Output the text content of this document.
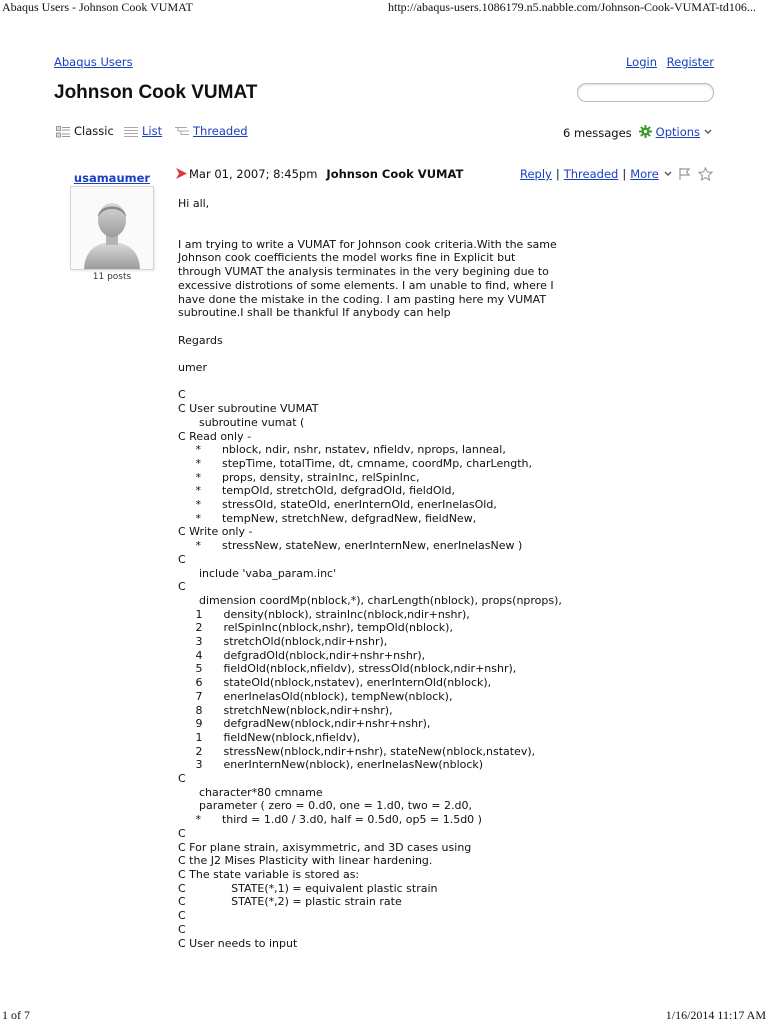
Abaqus Users - Johnson Cook VUMAT	http://abaqus-users.1086179.n5.nabble.com/Johnson-Cook-VUMAT-td106...
Abaqus Users	Login Register
Johnson Cook VUMAT
Classic	List	Threaded	6 messages	Options
usamaumer
11 posts
Mar 01, 2007; 8:45pm Johnson Cook VUMAT	Reply | Threaded | More

Hi all,

I am trying to write a VUMAT for Johnson cook criteria.With the same
Johnson cook coefficients the model works fine in Explicit but
through VUMAT the analysis terminates in the very begining due to
excessive distrotions of some elements. I am unable to find, where I
have done the mistake in the coding. I am pasting here my VUMAT
subroutine.I shall be thankful If anybody can help

Regards

umer

C
C User subroutine VUMAT
subroutine vumat (
C Read only -
*      nblock, ndir, nshr, nstatev, nfieldv, nprops, lanneal,
*      stepTime, totalTime, dt, cmname, coordMp, charLength,
*      props, density, strainInc, relSpinInc,
*      tempOld, stretchOld, defgradOld, fieldOld,
*      stressOld, stateOld, enerInternOld, enerInelasOld,
*      tempNew, stretchNew, defgradNew, fieldNew,
C Write only -
*      stressNew, stateNew, enerInternNew, enerInelasNew )
C
include 'vaba_param.inc'
C
dimension coordMp(nblock,*), charLength(nblock), props(nprops),
1      density(nblock), strainInc(nblock,ndir+nshr),
2      relSpinInc(nblock,nshr), tempOld(nblock),
3      stretchOld(nblock,ndir+nshr),
4      defgradOld(nblock,ndir+nshr+nshr),
5      fieldOld(nblock,nfieldv), stressOld(nblock,ndir+nshr),
6      stateOld(nblock,nstatev), enerInternOld(nblock),
7      enerInelasOld(nblock), tempNew(nblock),
8      stretchNew(nblock,ndir+nshr),
9      defgradNew(nblock,ndir+nshr+nshr),
1      fieldNew(nblock,nfieldv),
2      stressNew(nblock,ndir+nshr), stateNew(nblock,nstatev),
3      enerInternNew(nblock), enerInelasNew(nblock)
C
character*80 cmname
parameter ( zero = 0.d0, one = 1.d0, two = 2.d0,
*      third = 1.d0 / 3.d0, half = 0.5d0, op5 = 1.5d0 )
C
C For plane strain, axisymmetric, and 3D cases using
C the J2 Mises Plasticity with linear hardening.
C The state variable is stored as:
C             STATE(*,1) = equivalent plastic strain
C             STATE(*,2) = plastic strain rate
C
C
C User needs to input
1 of 7	1/16/2014 11:17 AM
